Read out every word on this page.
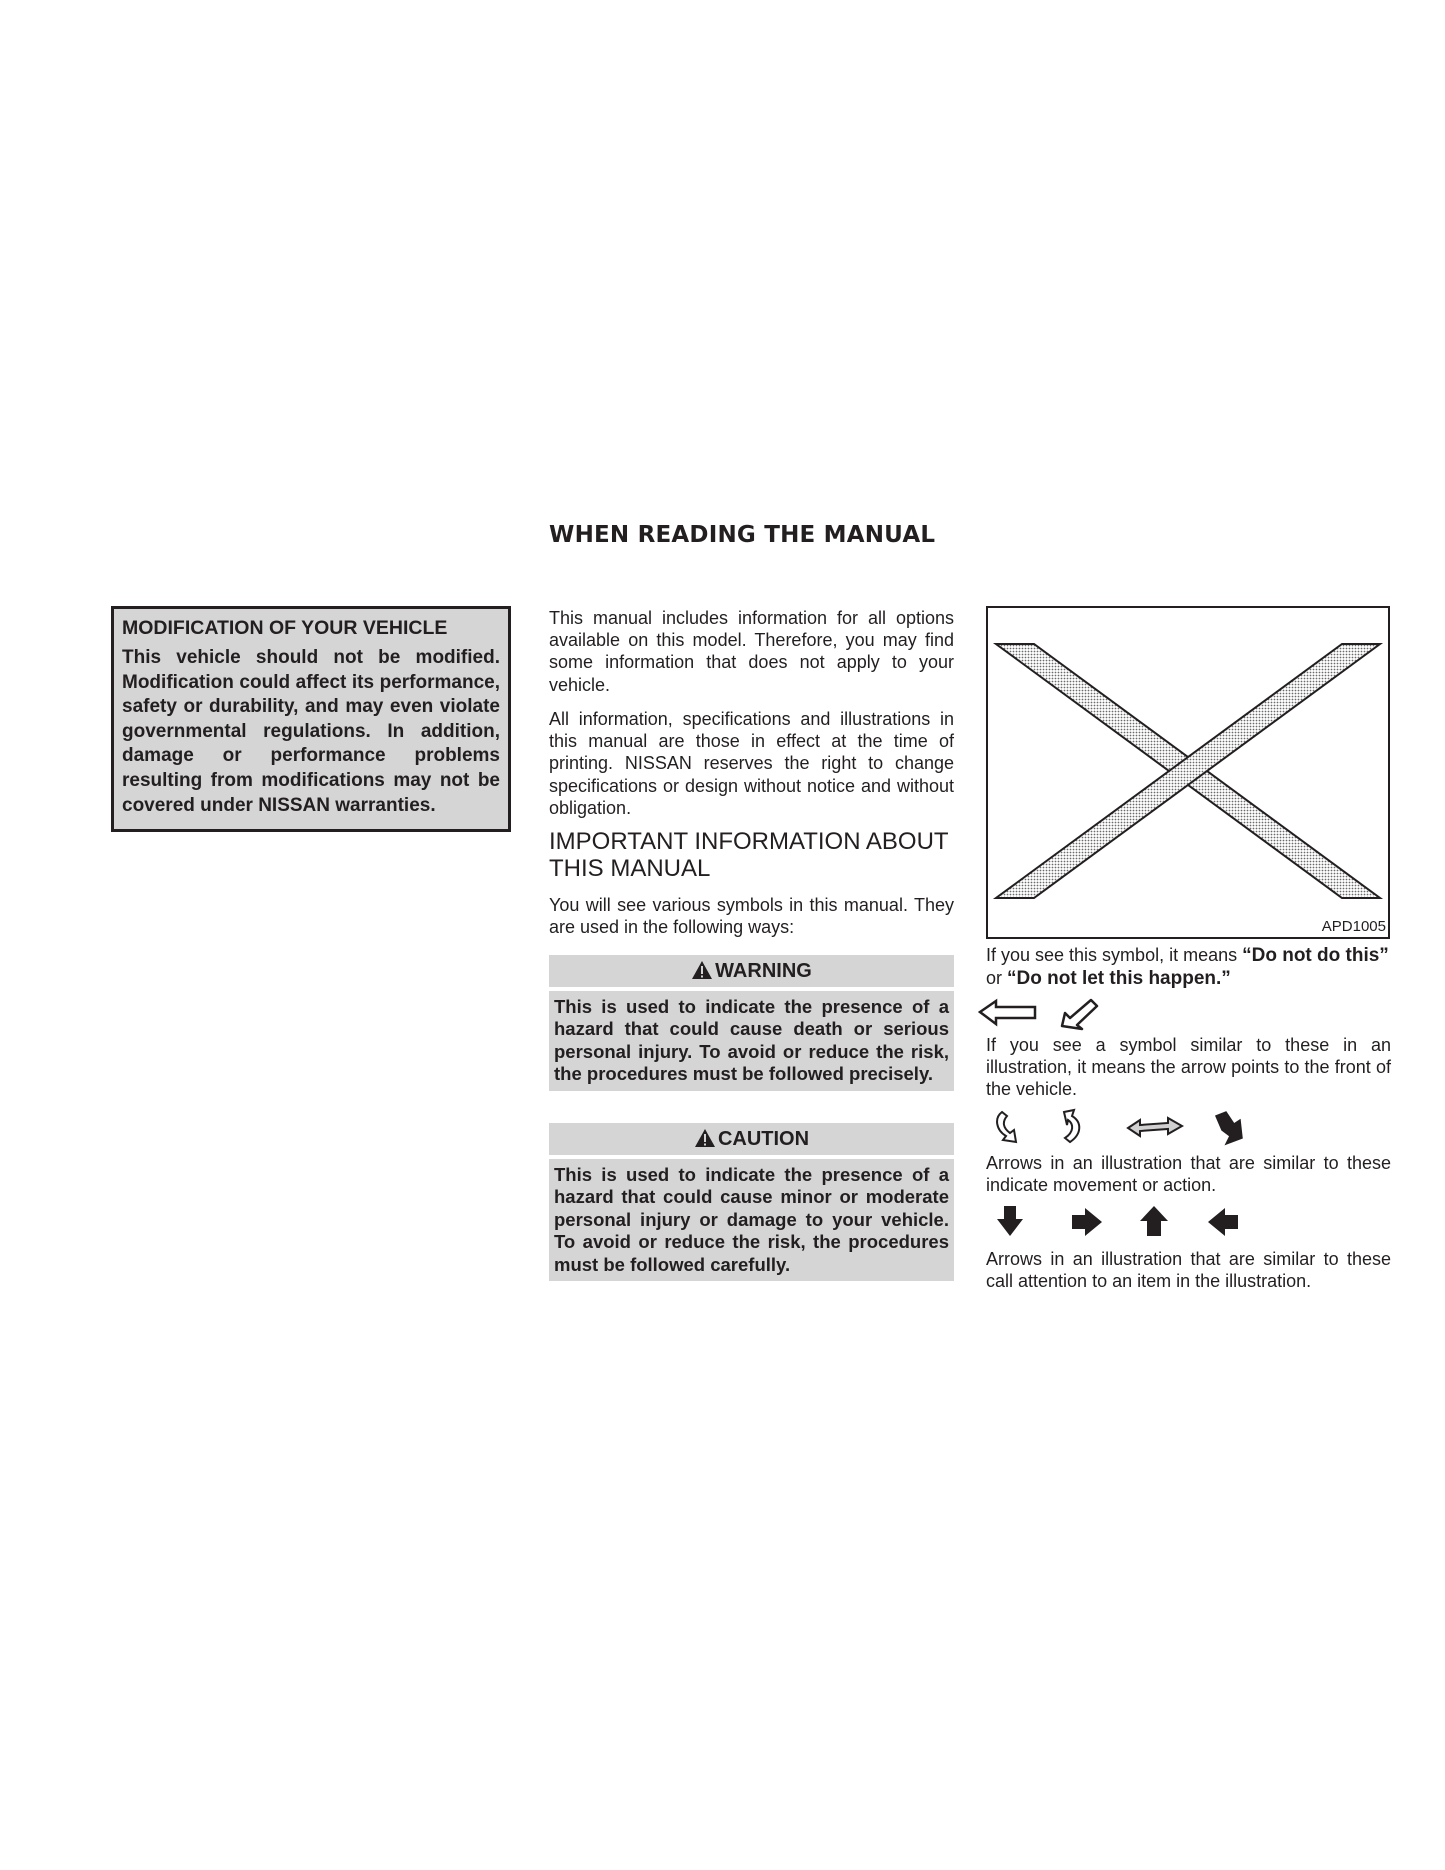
WHEN READING THE MANUAL

MODIFICATION OF YOUR VEHICLE

This vehicle should not be modified. Modification could affect its performance, safety or durability, and may even violate governmental regulations. In addition, damage or performance problems resulting from modifications may not be covered under NISSAN warranties.

This manual includes information for all options available on this model. Therefore, you may find some information that does not apply to your vehicle.

All information, specifications and illustrations in this manual are those in effect at the time of printing. NISSAN reserves the right to change specifications or design without notice and without obligation.

IMPORTANT INFORMATION ABOUT

THIS MANUAL

You will see various symbols in this manual. They are used in the following ways:

WARNING
This is used to indicate the presence of a hazard that could cause death or serious personal injury. To avoid or reduce the risk, the procedures must be followed precisely.
CAUTION
This is used to indicate the presence of a hazard that could cause minor or moderate personal injury or damage to your vehicle. To avoid or reduce the risk, the procedures must be followed carefully.
APD1005

If you see this symbol, it means “Do not do this”
or “Do not let this happen.”

If you see a symbol similar to these in an illustration, it means the arrow points to the front of the vehicle.

Arrows in an illustration that are similar to these indicate movement or action.

Arrows in an illustration that are similar to these call attention to an item in the illustration.
